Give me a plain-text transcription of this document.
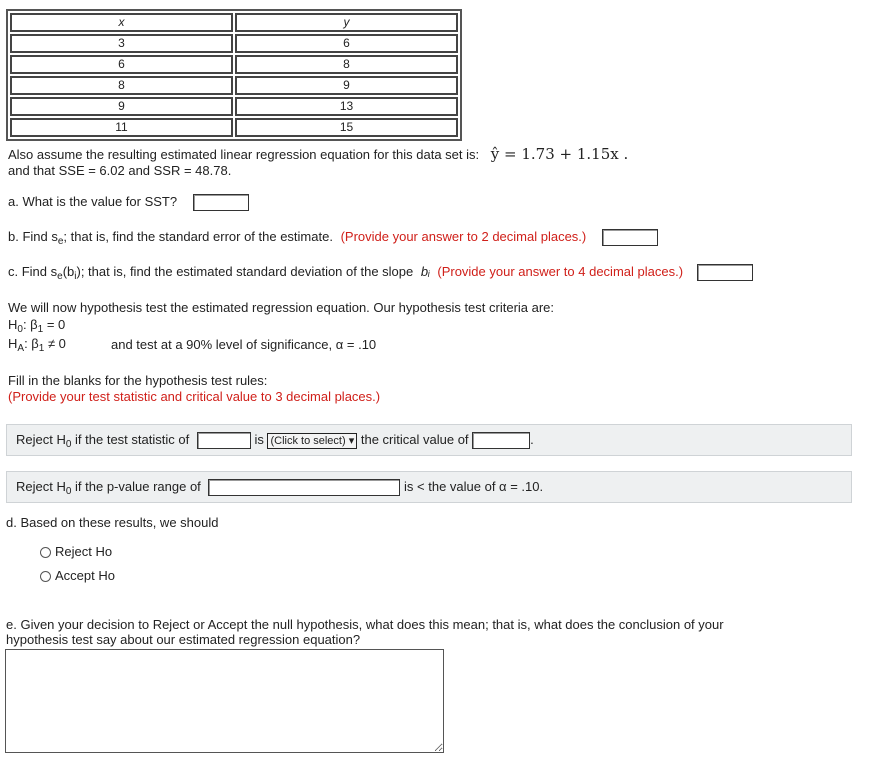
x	y
3	6
6	8
8	9
9	13
11	15
Also assume the resulting estimated linear regression equation for this data set is: ŷ = 1.73 + 1.15x .
and that SSE = 6.02 and SSR = 48.78.
a. What is the value for SST?
b. Find $s_e$; that is, find the standard error of the estimate. (Provide your answer to 2 decimal places.)
c. Find $s_e(b_i)$; that is, find the estimated standard deviation of the slope bᵢ (Provide your answer to 4 decimal places.)
We will now hypothesis test the estimated regression equation. Our hypothesis test criteria are:
$H_0$: $\beta_1 = 0$
$H_A$: $\beta_1 \ne 0$	and test at a 90% level of significance, α = .10
Fill in the blanks for the hypothesis test rules:
(Provide your test statistic and critical value to 3 decimal places.)
Reject $H_0$ if the test statistic of	is (Click to select) ▾ the critical value of	.
Reject $H_0$ if the p-value range of	is < the value of α = .10.
d. Based on these results, we should
Reject Ho
Accept Ho
e. Given your decision to Reject or Accept the null hypothesis, what does this mean; that is, what does the conclusion of your
hypothesis test say about our estimated regression equation?
